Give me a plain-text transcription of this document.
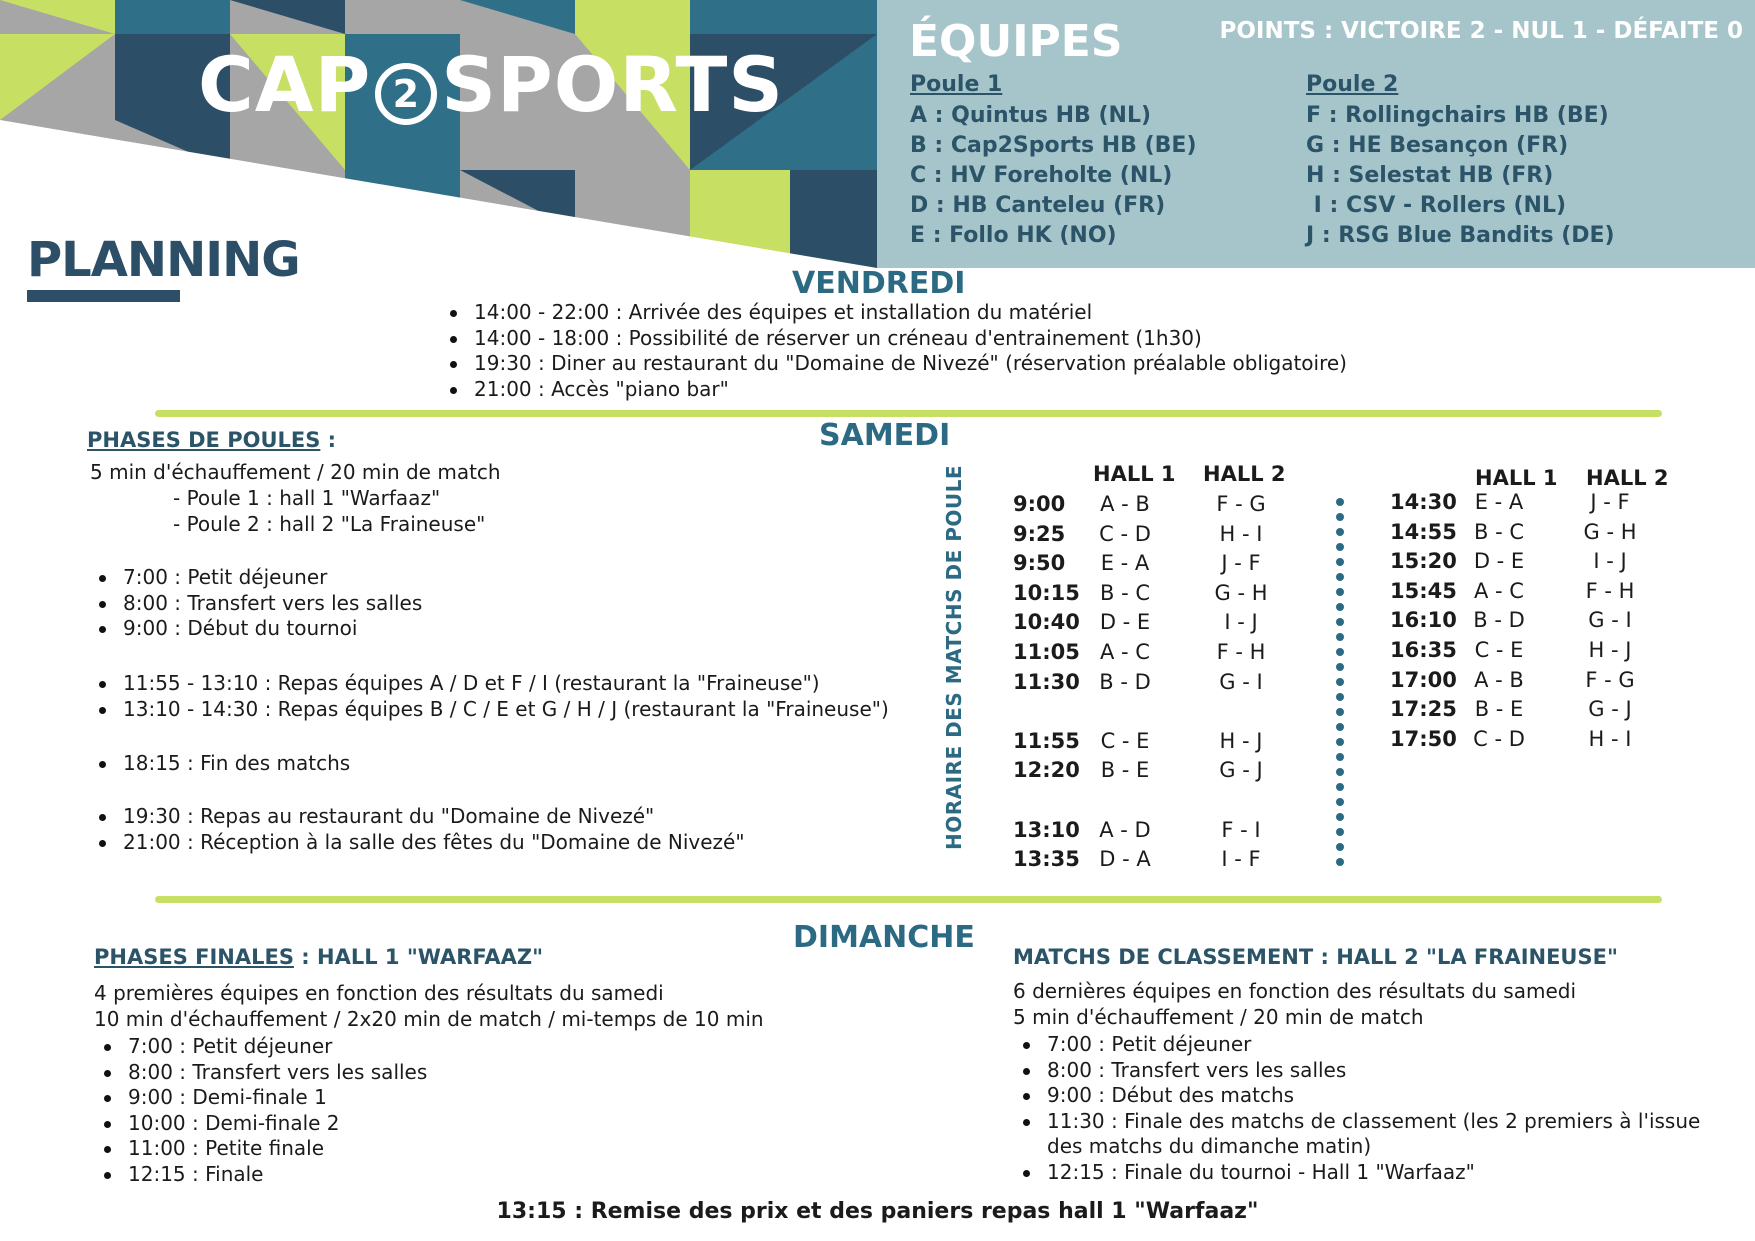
CAP 2 SPORTS	ÉQUIPES	POINTS : VICTOIRE 2 - NUL 1 - DÉFAITE 0
Poule 1
A : Quintus HB (NL)
B : Cap2Sports HB (BE)
C : HV Foreholte (NL)
D : HB Canteleu (FR)
E : Follo HK (NO)
Poule 2
F : Rollingchairs HB (BE)
G : HE Besançon (FR)
H : Selestat HB (FR)
I : CSV - Rollers (NL)
J : RSG Blue Bandits (DE)
PLANNING	VENDREDI
14:00 - 22:00 : Arrivée des équipes et installation du matériel
14:00 - 18:00 : Possibilité de réserver un créneau d'entrainement (1h30)
19:30 : Diner au restaurant du "Domaine de Nivezé" (réservation préalable obligatoire)
21:00 : Accès "piano bar"
SAMEDI
PHASES DE POULES :
5 min d'échauffement / 20 min de match
- Poule 1 : hall 1 "Warfaaz"
- Poule 2 : hall 2 "La Fraineuse"
7:00 : Petit déjeuner
8:00 : Transfert vers les salles
9:00 : Début du tournoi
11:55 - 13:10 : Repas équipes A / D et F / I (restaurant la "Fraineuse")
13:10 - 14:30 : Repas équipes B / C / E et G / H / J (restaurant la "Fraineuse")
18:15 : Fin des matchs
19:30 : Repas au restaurant du "Domaine de Nivezé"
21:00 : Réception à la salle des fêtes du "Domaine de Nivezé"	HORAIRE DES MATCHS DE POULE	HALL 1 HALL 2
9:00	A - B	F - G
9:25	C - D	H - I
9:50	E - A	J - F
10:15 B - C	G - H
10:40 D - E	I - J
11:05 A - C	F - H
11:30 B - D	G - I
11:55 C - E	H - J
12:20 B - E	G - J
13:10 A - D	F - I
13:35 D - A	I - F
HALL 1 HALL 2
14:30 E - A	J - F
14:55 B - C	G - H
15:20 D - E	I - J
15:45 A - C	F - H
16:10 B - D	G - I
16:35 C - E	H - J
17:00 A - B	F - G
17:25 B - E	G - J
17:50 C - D	H - I
DIMANCHE
PHASES FINALES : HALL 1 "WARFAAZ"
4 premières équipes en fonction des résultats du samedi
10 min d'échauffement / 2x20 min de match / mi-temps de 10 min
7:00 : Petit déjeuner
8:00 : Transfert vers les salles
9:00 : Demi-finale 1
10:00 : Demi-finale 2
11:00 : Petite finale
12:15 : Finale
MATCHS DE CLASSEMENT : HALL 2 "LA FRAINEUSE"
6 dernières équipes en fonction des résultats du samedi
5 min d'échauffement / 20 min de match
7:00 : Petit déjeuner
8:00 : Transfert vers les salles
9:00 : Début des matchs
11:30 : Finale des matchs de classement (les 2 premiers à l'issue
des matchs du dimanche matin)
12:15 : Finale du tournoi - Hall 1 "Warfaaz"
13:15 : Remise des prix et des paniers repas hall 1 "Warfaaz"
